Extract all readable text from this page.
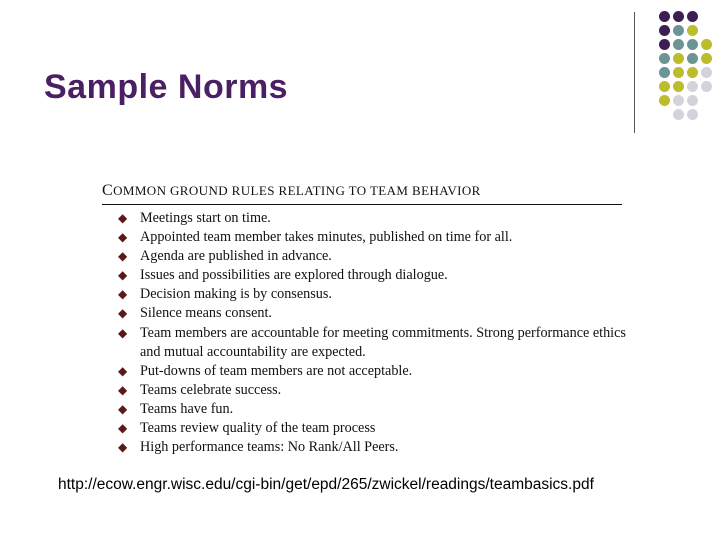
Sample Norms
COMMON GROUND RULES RELATING TO TEAM BEHAVIOR
◆ Meetings start on time.
◆ Appointed team member takes minutes, published on time for all.
◆ Agenda are published in advance.
◆ Issues and possibilities are explored through dialogue.
◆ Decision making is by consensus.
◆ Silence means consent.
◆ Team members are accountable for meeting commitments. Strong performance ethics
and mutual accountability are expected.
◆ Put-downs of team members are not acceptable.
◆ Teams celebrate success.
◆ Teams have fun.
◆ Teams review quality of the team process
◆ High performance teams: No Rank/All Peers.
http://ecow.engr.wisc.edu/cgi-bin/get/epd/265/zwickel/readings/teambasics.pdf
